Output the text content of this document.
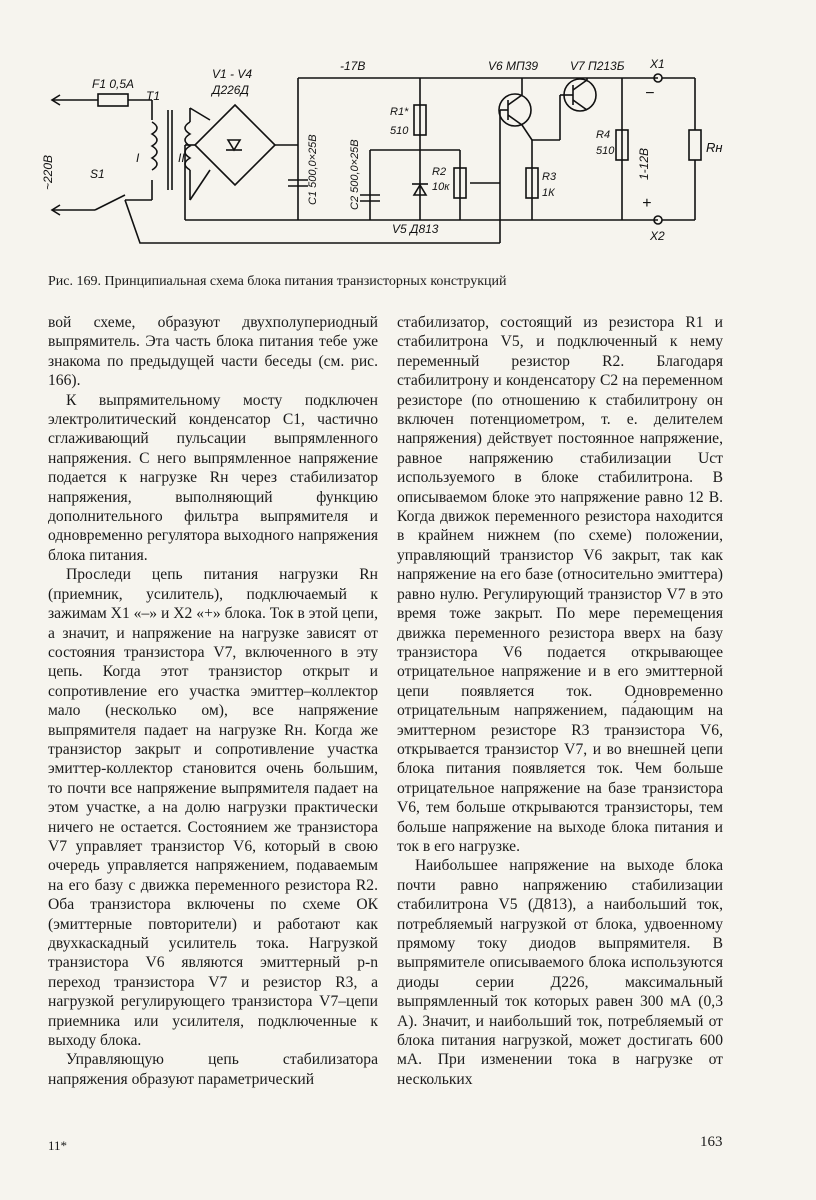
F1 0,5A
T1
V1 - V4
Д226Д
-17В	V6 МП39	V7 П213Б X1
X2
~220В	S1
I	II	С1 500,0×25В	С2 500,0×25В
R1*
510
R2
10к
R3
1К
R4
510
V5 Д813
1-12В
Rн
+
−
Рис. 169. Принципиальная схема блока питания транзисторных конструкций

вой схеме, образуют двухполупериодный выпрямитель. Эта часть блока питания тебе уже знакома по предыдущей части беседы (см. рис. 166).

К выпрямительному мосту подключен электролитический конденсатор C1, частично сглаживающий пульсации выпрямленного напряжения. С него выпрямленное напряжение подается к нагрузке Rн через стабилизатор напряжения, выполняющий функцию дополнительного фильтра выпрямителя и одновременно регулятора выходного напряжения блока питания.

Проследи цепь питания нагрузки Rн (приемник, усилитель), подключаемый к зажимам X1 «–» и X2 «+» блока. Ток в этой цепи, а значит, и напряжение на нагрузке зависят от состояния транзистора V7, включенного в эту цепь. Когда этот транзистор открыт и сопротивление его участка эмиттер–коллектор мало (несколько ом), все напряжение выпрямителя падает на нагрузке Rн. Когда же транзистор закрыт и сопротивление участка эмиттер-коллектор становится очень большим, то почти все напряжение выпрямителя падает на этом участке, а на долю нагрузки практически ничего не остается. Состоянием же транзистора V7 управляет транзистор V6, который в свою очередь управляется напряжением, подаваемым на его базу с движка переменного резистора R2. Оба транзистора включены по схеме ОК (эмиттерные повторители) и работают как двухкаскадный усилитель тока. Нагрузкой транзистора V6 являются эмиттерный p-n переход транзистора V7 и резистор R3, а нагрузкой регулирующего транзистора V7–цепи приемника или усилителя, подключенные к выходу блока.

Управляющую цепь стабилизатора напряжения образуют параметрический

стабилизатор, состоящий из резистора R1 и стабилитрона V5, и подключенный к нему переменный резистор R2. Благодаря стабилитрону и конденсатору C2 на переменном резисторе (по отношению к стабилитрону он включен потенциометром, т. е. делителем напряжения) действует постоянное напряжение, равное напряжению стабилизации Uст используемого в блоке стабилитрона. В описываемом блоке это напряжение равно 12 В. Когда движок переменного резистора находится в крайнем нижнем (по схеме) положении, управляющий транзистор V6 закрыт, так как напряжение на его базе (относительно эмиттера) равно нулю. Регулирующий транзистор V7 в это время тоже закрыт. По мере перемещения движка переменного резистора вверх на базу транзистора V6 подается открывающее отрицательное напряжение и в его эмиттерной цепи появляется ток. Одновременно отрицательным напряжением, па́дающим на эмиттерном резисторе R3 транзистора V6, открывается транзистор V7, и во внешней цепи блока питания появляется ток. Чем больше отрицательное напряжение на базе транзистора V6, тем больше открываются транзисторы, тем больше напряжение на выходе блока питания и ток в его нагрузке.

Наибольшее напряжение на выходе блока почти равно напряжению стабилизации стабилитрона V5 (Д813), а наибольший ток, потребляемый нагрузкой от блока, удвоенному прямому току диодов выпрямителя. В выпрямителе описываемого блока используются диоды серии Д226, максимальный выпрямленный ток которых равен 300 мА (0,3 А). Значит, и наибольший ток, потребляемый от блока питания нагрузкой, может достигать 600 мА. При изменении тока в нагрузке от нескольких

11*	163
